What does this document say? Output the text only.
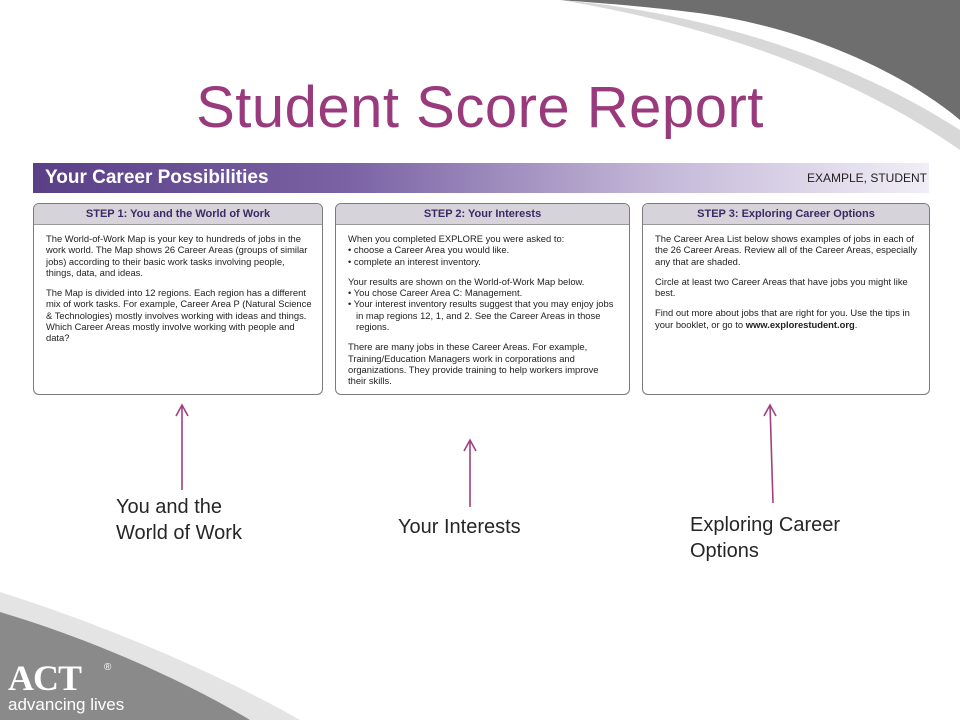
Student Score Report
Your Career Possibilities	EXAMPLE, STUDENT
STEP 1: You and the World of Work

The World-of-Work Map is your key to hundreds of jobs in the work world. The Map shows 26 Career Areas (groups of similar jobs) according to their basic work tasks involving people, things, data, and ideas.

The Map is divided into 12 regions. Each region has a different mix of work tasks. For example, Career Area P (Natural Science & Technologies) mostly involves working with ideas and things. Which Career Areas mostly involve working with people and data?

STEP 2: Your Interests
When you completed EXPLORE you were asked to:
• choose a Career Area you would like.
• complete an interest inventory.
Your results are shown on the World-of-Work Map below.
• You chose Career Area C: Management.
• Your interest inventory results suggest that you may enjoy jobs in map regions 12, 1, and 2. See the Career Areas in those regions.

There are many jobs in these Career Areas. For example, Training/Education Managers work in corporations and organizations. They provide training to help workers improve their skills.

STEP 3: Exploring Career Options

The Career Area List below shows examples of jobs in each of the 26 Career Areas. Review all of the Career Areas, especially any that are shaded.

Circle at least two Career Areas that have jobs you might like best.

Find out more about jobs that are right for you. Use the tips in your booklet, or go to www.explorestudent.org.

You and the
World of Work	Your Interests	Exploring Career
Options
ACT ®
advancing lives
